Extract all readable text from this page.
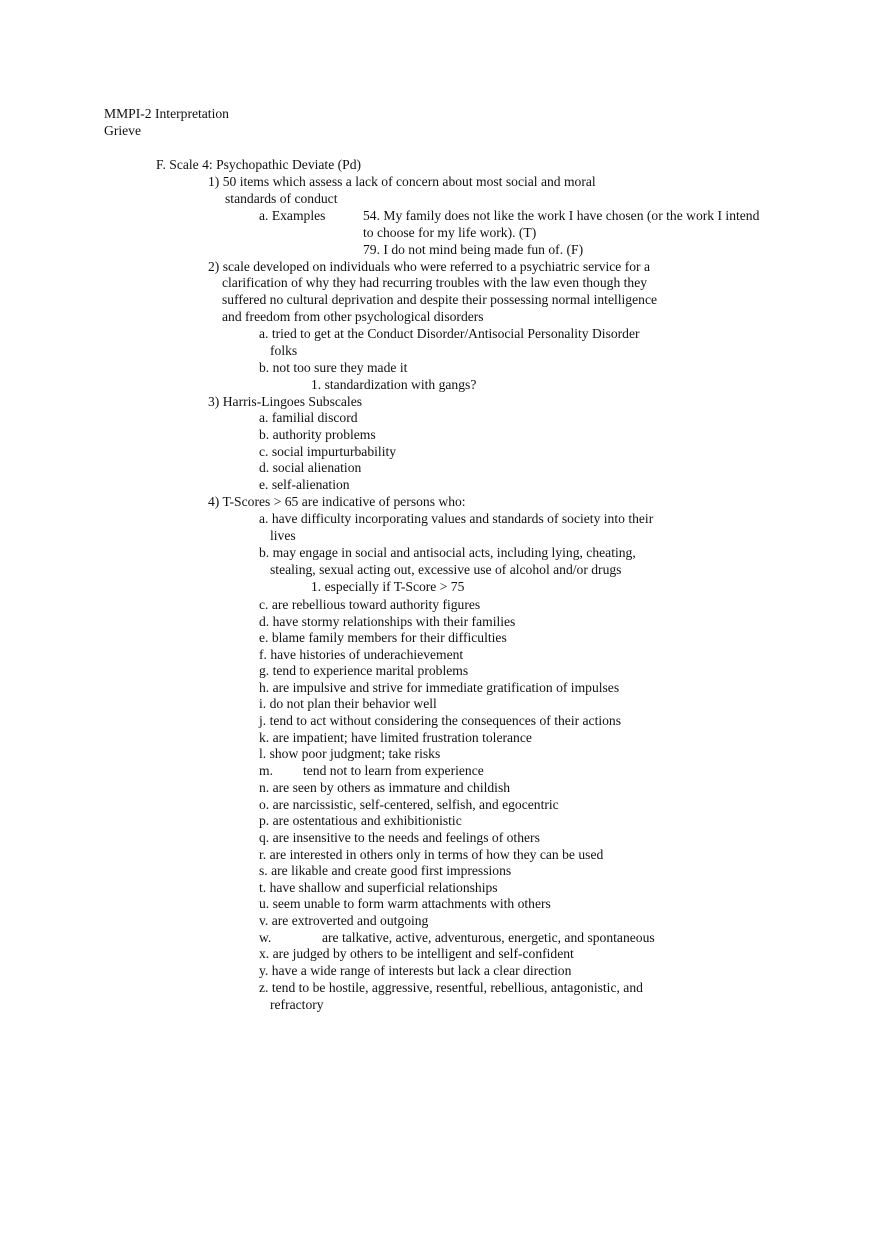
MMPI-2 Interpretation
Grieve
F. Scale 4: Psychopathic Deviate (Pd)
1) 50 items which assess a lack of concern about most social and moral
standards of conduct
a. Examples	54. My family does not like the work I have chosen (or the work I intend
to choose for my life work). (T)
79. I do not mind being made fun of. (F)
2) scale developed on individuals who were referred to a psychiatric service for a
clarification of why they had recurring troubles with the law even though they
suffered no cultural deprivation and despite their possessing normal intelligence
and freedom from other psychological disorders
a. tried to get at the Conduct Disorder/Antisocial Personality Disorder
folks
b. not too sure they made it
1. standardization with gangs?
3) Harris-Lingoes Subscales
a. familial discord
b. authority problems
c. social impurturbability
d. social alienation
e. self-alienation
4) T-Scores > 65 are indicative of persons who:
a. have difficulty incorporating values and standards of society into their
lives
b. may engage in social and antisocial acts, including lying, cheating,
stealing, sexual acting out, excessive use of alcohol and/or drugs
1. especially if T-Score > 75
c. are rebellious toward authority figures
d. have stormy relationships with their families
e. blame family members for their difficulties
f. have histories of underachievement
g. tend to experience marital problems
h. are impulsive and strive for immediate gratification of impulses
i. do not plan their behavior well
j. tend to act without considering the consequences of their actions
k. are impatient; have limited frustration tolerance
l. show poor judgment; take risks
m. tend not to learn from experience
n. are seen by others as immature and childish
o. are narcissistic, self-centered, selfish, and egocentric
p. are ostentatious and exhibitionistic
q. are insensitive to the needs and feelings of others
r. are interested in others only in terms of how they can be used
s. are likable and create good first impressions
t. have shallow and superficial relationships
u. seem unable to form warm attachments with others
v. are extroverted and outgoing
w.	are talkative, active, adventurous, energetic, and spontaneous
x. are judged by others to be intelligent and self-confident
y. have a wide range of interests but lack a clear direction
z. tend to be hostile, aggressive, resentful, rebellious, antagonistic, and
refractory
